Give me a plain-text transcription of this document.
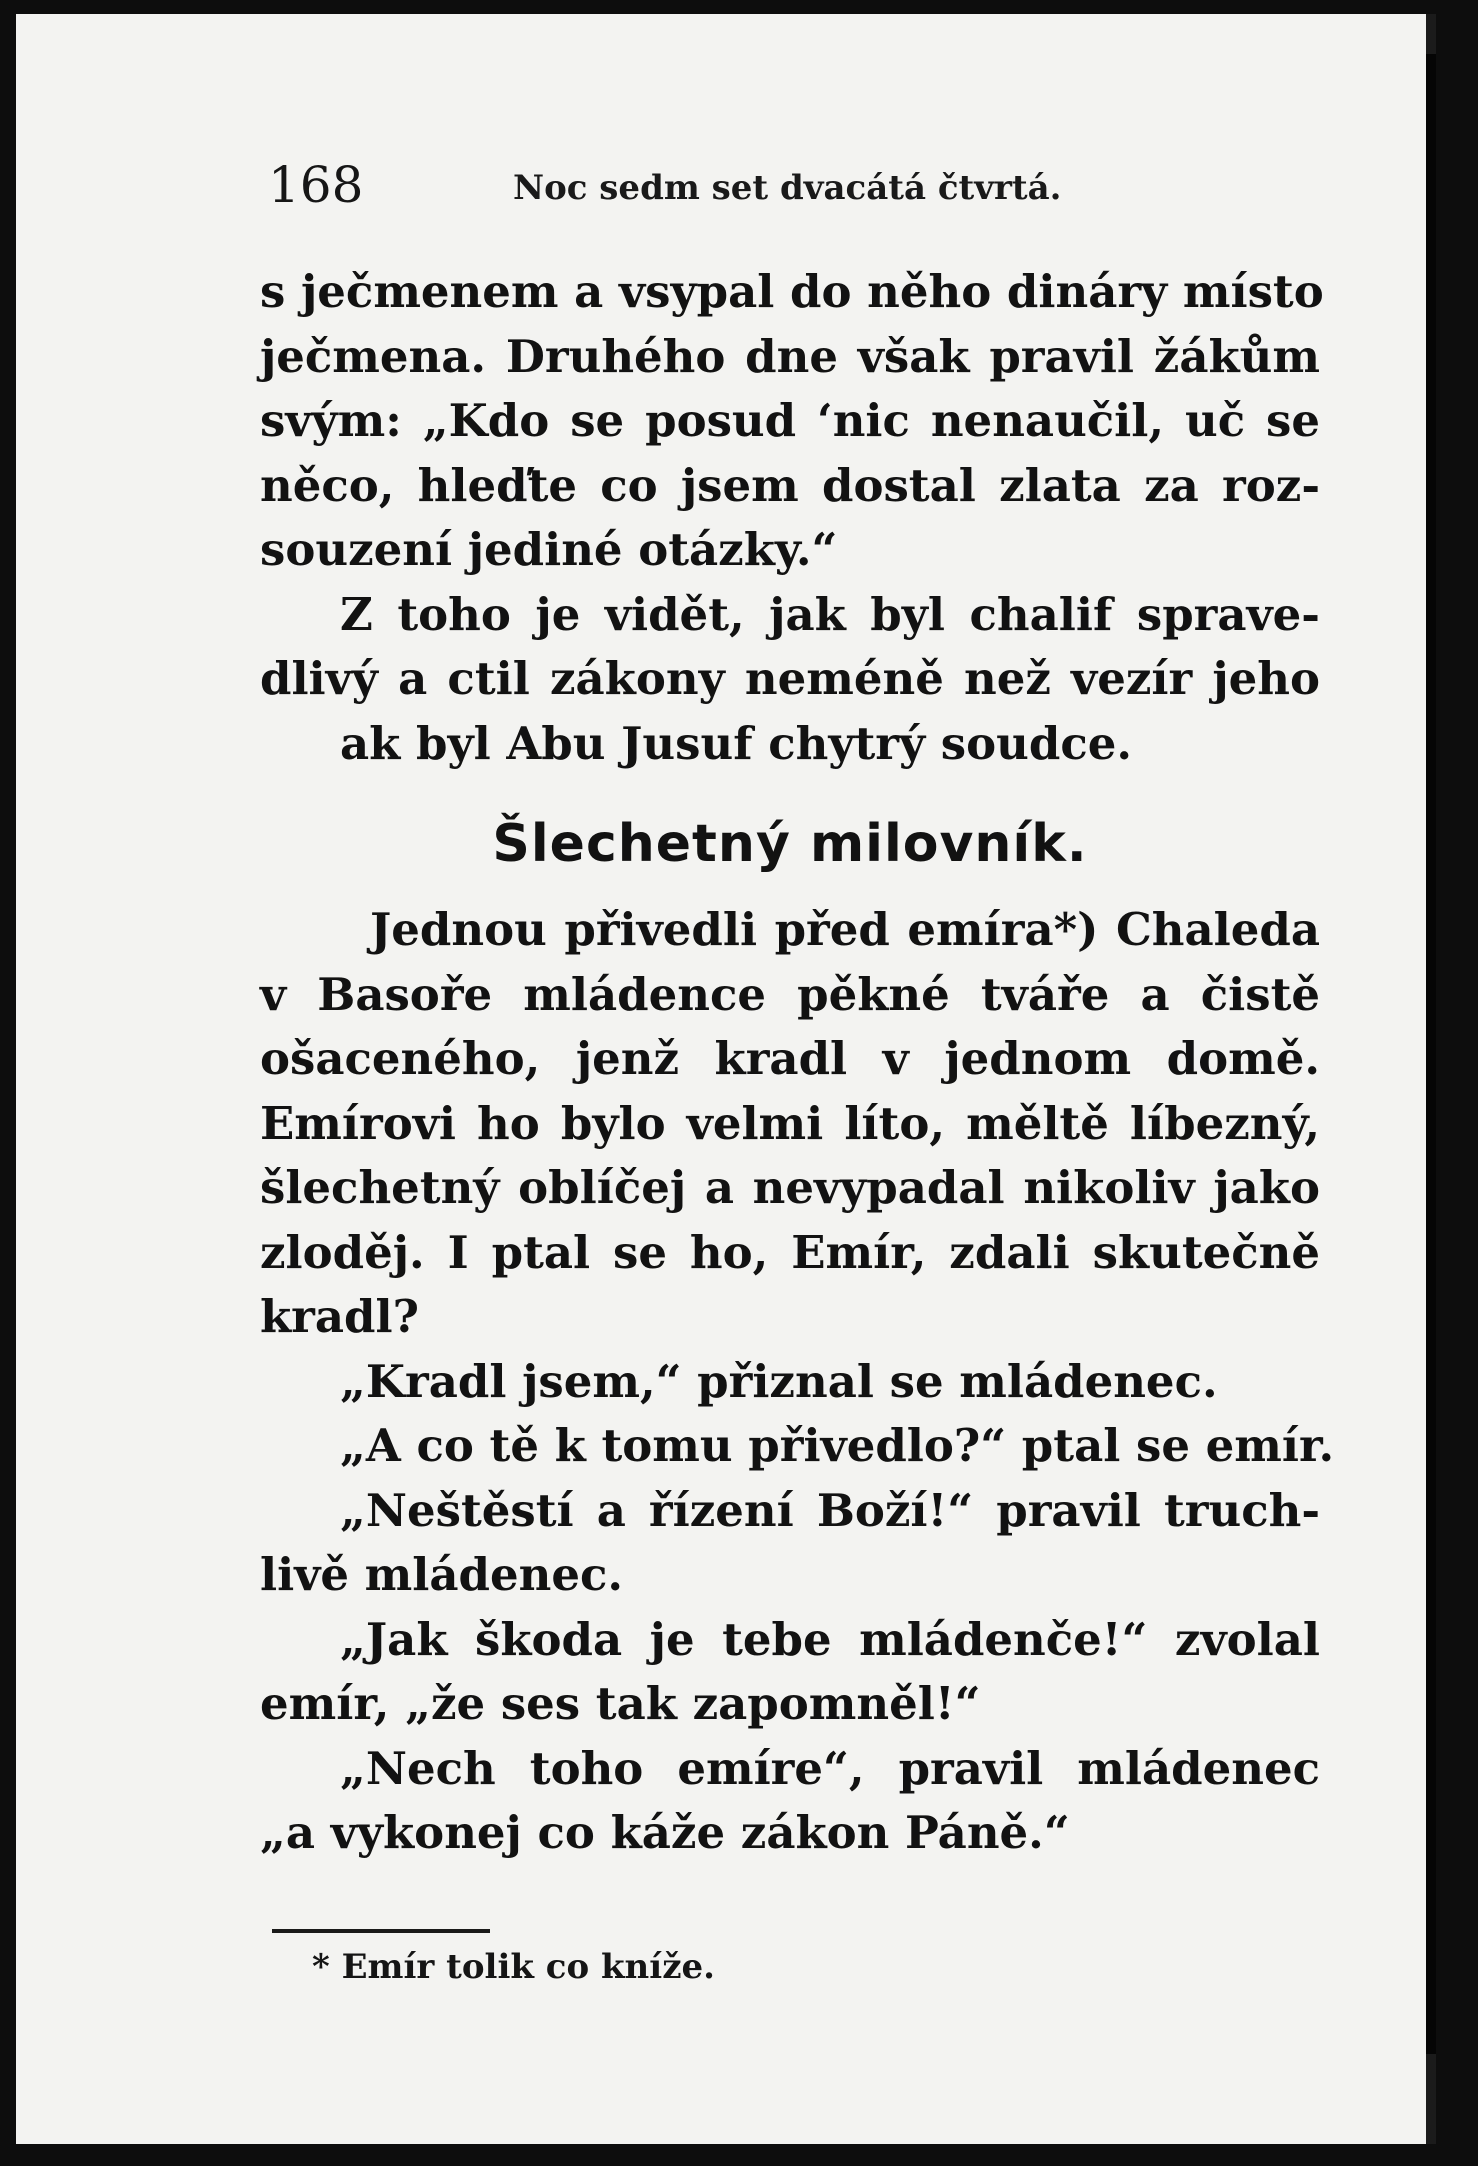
168	Noc sedm set dvacátá čtvrtá.
s ječmenem a vsypal do něho dináry místo
ječmena. Druhého dne však pravil žákům
svým: „Kdo se posud ‘nic nenaučil, uč se
něco, hleďte co jsem dostal zlata za roz-
souzení jediné otázky.“
Z toho je vidět, jak byl chalif sprave-
dlivý a ctil zákony neméně než vezír jeho
ak byl Abu Jusuf chytrý soudce.
Šlechetný milovník.
Jednou přivedli před emíra*) Chaleda
v Basoře mládence pěkné tváře a čistě
ošaceného, jenž kradl v jednom domě.
Emírovi ho bylo velmi líto, měltě líbezný,
šlechetný oblíčej a nevypadal nikoliv jako
zloděj. I ptal se ho, Emír, zdali skutečně
kradl?
„Kradl jsem,“ přiznal se mládenec.
„A co tě k tomu přivedlo?“ ptal se emír.
„Neštěstí a řízení Boží!“ pravil truch-
livě mládenec.
„Jak škoda je tebe mládenče!“ zvolal
emír, „že ses tak zapomněl!“
„Nech toho emíre“, pravil mládenec
„a vykonej co káže zákon Páně.“
* Emír tolik co kníže.
